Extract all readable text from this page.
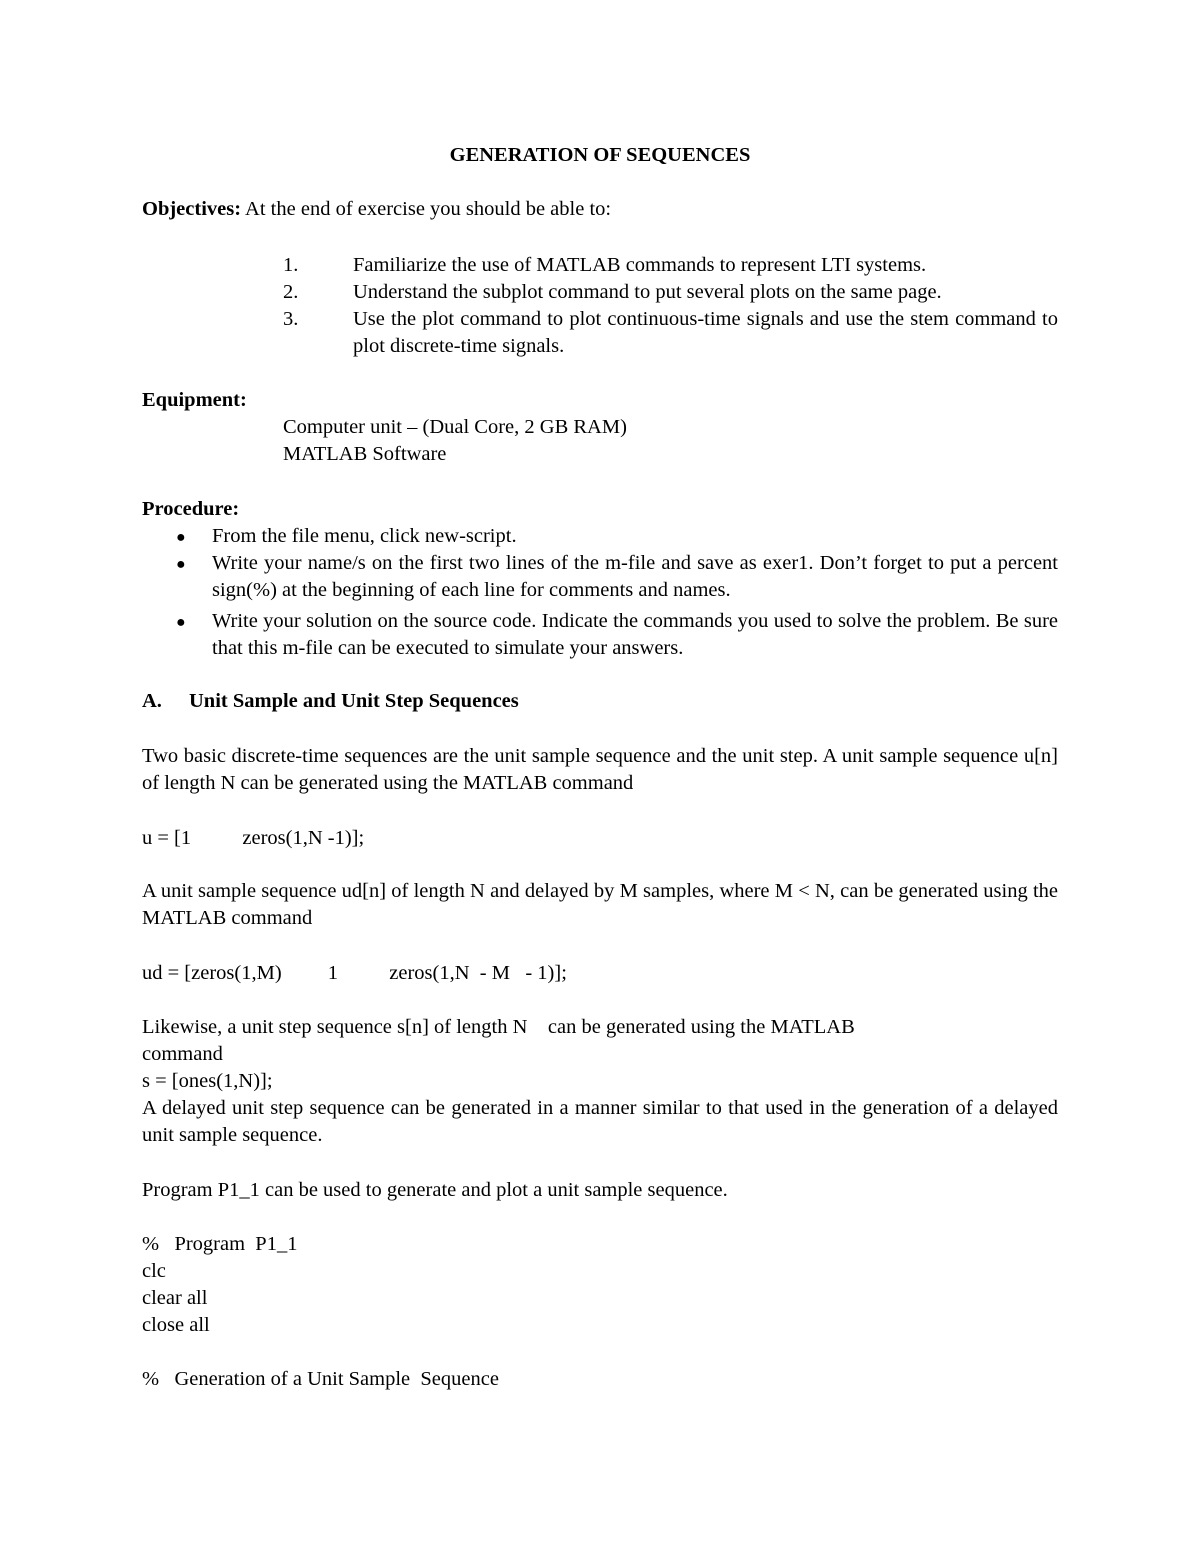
GENERATION OF SEQUENCES
Objectives: At the end of exercise you should be able to:
1.	Familiarize the use of MATLAB commands to represent LTI systems.
2.	Understand the subplot command to put several plots on the same page.
3.	Use the plot command to plot continuous-time signals and use the stem command to plot discrete-time signals.
Equipment:
Computer unit – (Dual Core, 2 GB RAM)
MATLAB Software
Procedure:
● From the file menu, click new-script.
● Write your name/s on the first two lines of the m-file and save as exer1. Don’t forget to put a percent sign(%) at the beginning of each line for comments and names.
● Write your solution on the source code. Indicate the commands you used to solve the problem. Be sure that this m-file can be executed to simulate your answers.
A. Unit Sample and Unit Step Sequences
Two basic discrete-time sequences are the unit sample sequence and the unit step. A unit sample sequence u[n] of length N can be generated using the MATLAB command
u = [1          zeros(1,N -1)];
A unit sample sequence ud[n] of length N and delayed by M samples, where M < N, can be generated using the MATLAB command
ud = [zeros(1,M)         1          zeros(1,N  - M   - 1)];
Likewise, a unit step sequence s[n] of length N    can be generated using the MATLAB
command
s = [ones(1,N)];
A delayed unit step sequence can be generated in a manner similar to that used in the generation of a delayed unit sample sequence.
Program P1_1 can be used to generate and plot a unit sample sequence.
%   Program  P1_1
clc
clear all
close all
%   Generation of a Unit Sample  Sequence
